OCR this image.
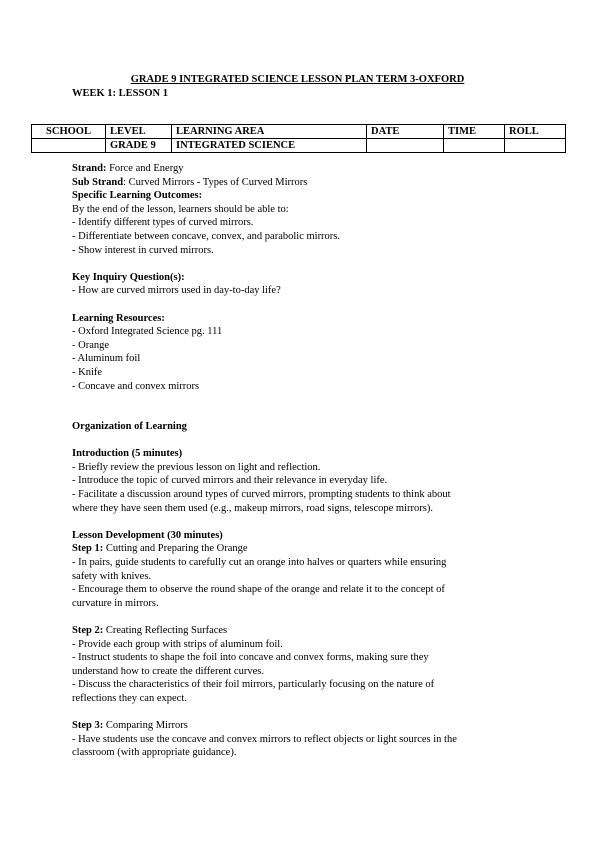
GRADE 9 INTEGRATED SCIENCE LESSON PLAN TERM 3-OXFORD

WEEK 1: LESSON 1

SCHOOL	LEVEL	LEARNING AREA	DATE	TIME	ROLL
	GRADE 9	INTEGRATED SCIENCE			

Strand: Force and Energy

Sub Strand: Curved Mirrors - Types of Curved Mirrors

Specific Learning Outcomes:

By the end of the lesson, learners should be able to:

- Identify different types of curved mirrors.

- Differentiate between concave, convex, and parabolic mirrors.

- Show interest in curved mirrors.

Key Inquiry Question(s):

- How are curved mirrors used in day-to-day life?

Learning Resources:

- Oxford Integrated Science pg. 111

- Orange

- Aluminum foil

- Knife

- Concave and convex mirrors

Organization of Learning

Introduction (5 minutes)

- Briefly review the previous lesson on light and reflection.

- Introduce the topic of curved mirrors and their relevance in everyday life.

- Facilitate a discussion around types of curved mirrors, prompting students to think about

where they have seen them used (e.g., makeup mirrors, road signs, telescope mirrors).

Lesson Development (30 minutes)

Step 1: Cutting and Preparing the Orange

- In pairs, guide students to carefully cut an orange into halves or quarters while ensuring

safety with knives.

- Encourage them to observe the round shape of the orange and relate it to the concept of

curvature in mirrors.

Step 2: Creating Reflecting Surfaces

- Provide each group with strips of aluminum foil.

- Instruct students to shape the foil into concave and convex forms, making sure they

understand how to create the different curves.

- Discuss the characteristics of their foil mirrors, particularly focusing on the nature of

reflections they can expect.

Step 3: Comparing Mirrors

- Have students use the concave and convex mirrors to reflect objects or light sources in the

classroom (with appropriate guidance).
